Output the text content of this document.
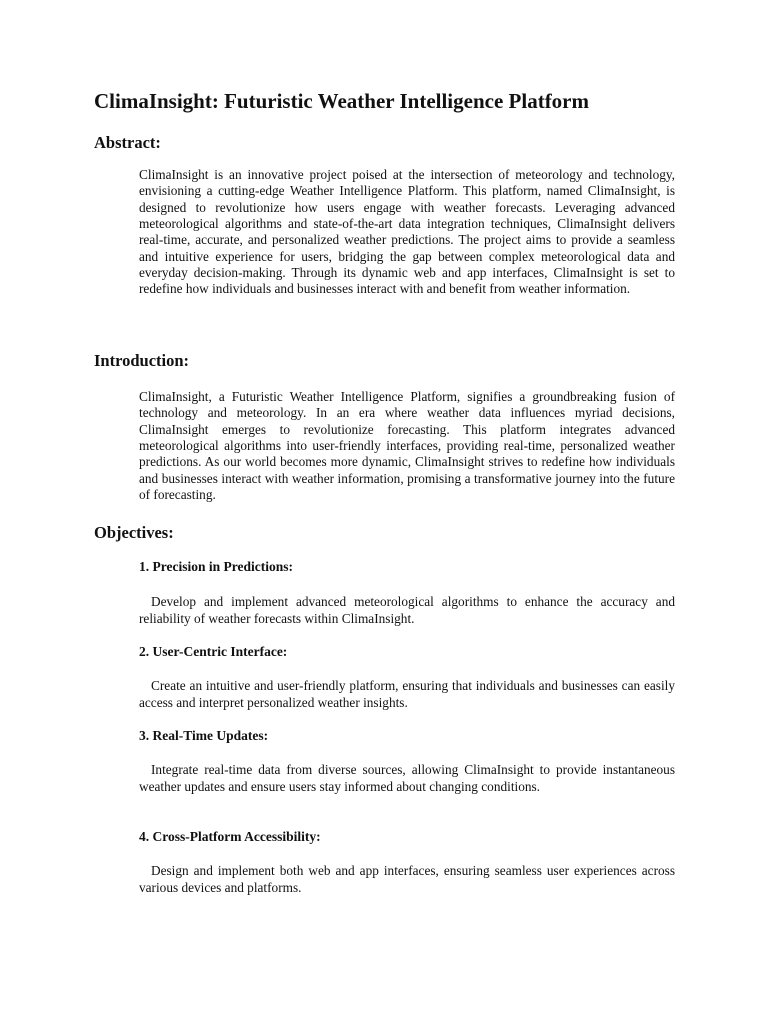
ClimaInsight: Futuristic Weather Intelligence Platform
Abstract:

ClimaInsight is an innovative project poised at the intersection of meteorology and technology, envisioning a cutting-edge Weather Intelligence Platform. This platform, named ClimaInsight, is designed to revolutionize how users engage with weather forecasts. Leveraging advanced meteorological algorithms and state-of-the-art data integration techniques, ClimaInsight delivers real-time, accurate, and personalized weather predictions. The project aims to provide a seamless and intuitive experience for users, bridging the gap between complex meteorological data and everyday decision-making. Through its dynamic web and app interfaces, ClimaInsight is set to redefine how individuals and businesses interact with and benefit from weather information.

Introduction:

ClimaInsight, a Futuristic Weather Intelligence Platform, signifies a groundbreaking fusion of technology and meteorology. In an era where weather data influences myriad decisions, ClimaInsight emerges to revolutionize forecasting. This platform integrates advanced meteorological algorithms into user-friendly interfaces, providing real-time, personalized weather predictions. As our world becomes more dynamic, ClimaInsight strives to redefine how individuals and businesses interact with weather information, promising a transformative journey into the future of forecasting.

Objectives:
1. Precision in Predictions:

Develop and implement advanced meteorological algorithms to enhance the accuracy and reliability of weather forecasts within ClimaInsight.

2. User-Centric Interface:

Create an intuitive and user-friendly platform, ensuring that individuals and businesses can easily access and interpret personalized weather insights.

3. Real-Time Updates:

Integrate real-time data from diverse sources, allowing ClimaInsight to provide instantaneous weather updates and ensure users stay informed about changing conditions.

4. Cross-Platform Accessibility:

Design and implement both web and app interfaces, ensuring seamless user experiences across various devices and platforms.
